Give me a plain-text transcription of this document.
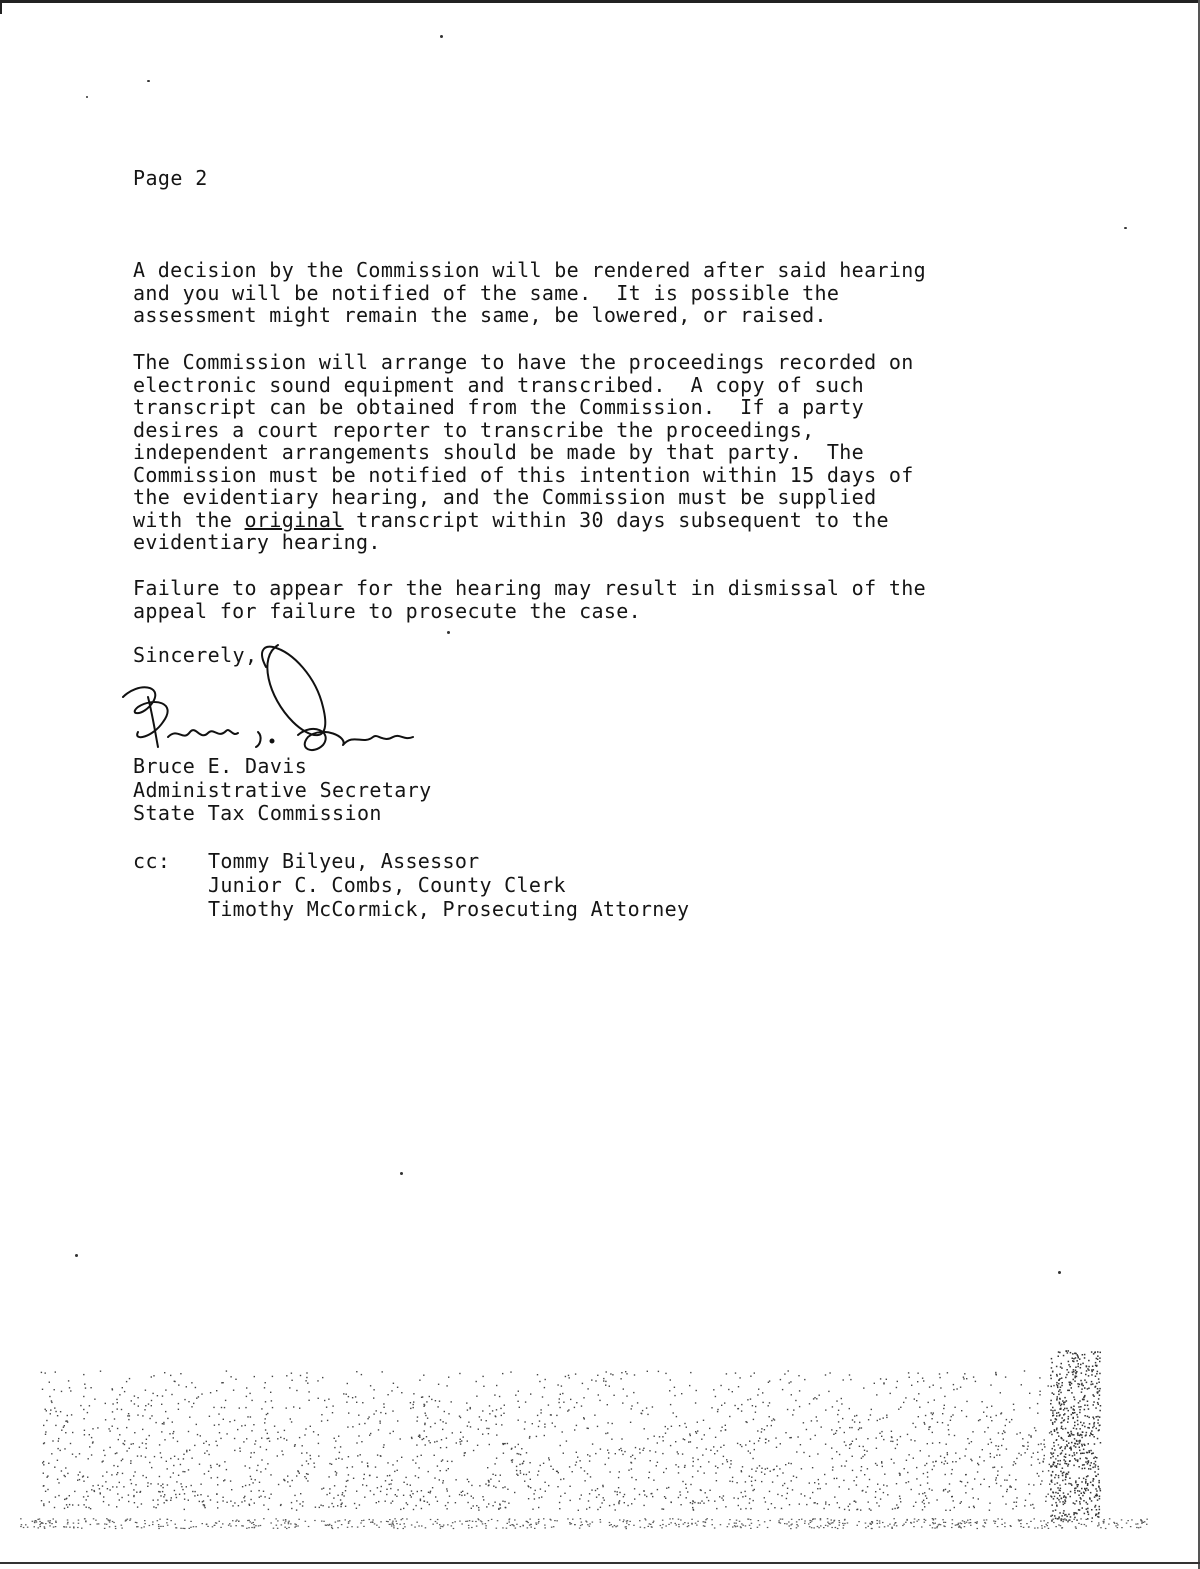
Page 2
A decision by the Commission will be rendered after said hearing
and you will be notified of the same.  It is possible the
assessment might remain the same, be lowered, or raised.
The Commission will arrange to have the proceedings recorded on
electronic sound equipment and transcribed.  A copy of such
transcript can be obtained from the Commission.  If a party
desires a court reporter to transcribe the proceedings,
independent arrangements should be made by that party.  The
Commission must be notified of this intention within 15 days of
the evidentiary hearing, and the Commission must be supplied
with the original transcript within 30 days subsequent to the
evidentiary hearing.
Failure to appear for the hearing may result in dismissal of the
appeal for failure to prosecute the case.
Sincerely,
Bruce E. Davis
Administrative Secretary
State Tax Commission
cc: Tommy Bilyeu, Assessor
Junior C. Combs, County Clerk
Timothy McCormick, Prosecuting Attorney
